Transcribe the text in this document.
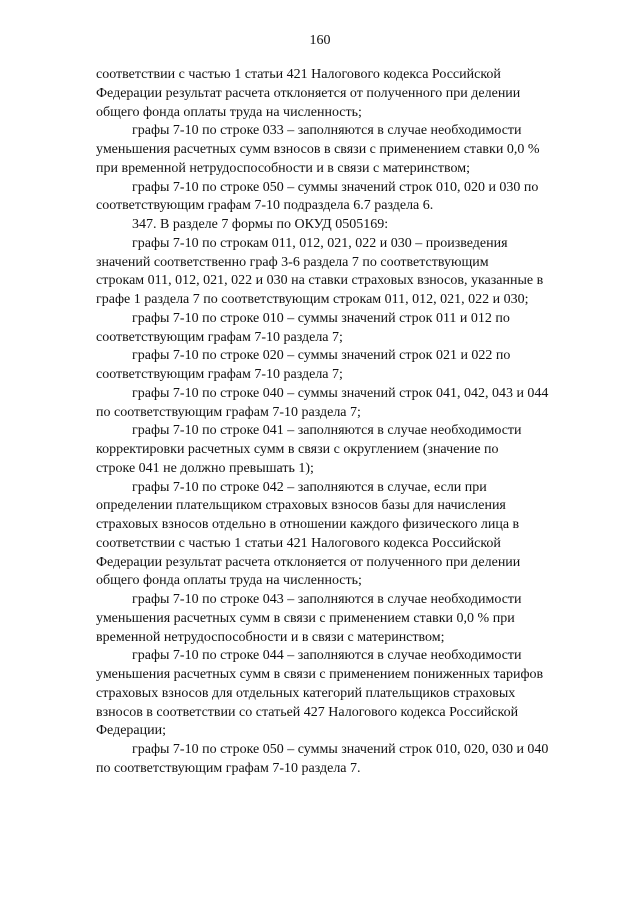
160

соответствии с частью 1 статьи 421 Налогового кодекса Российской
Федерации результат расчета отклоняется от полученного при делении
общего фонда оплаты труда на численность;

графы 7-10 по строке 033 – заполняются в случае необходимости
уменьшения расчетных сумм взносов в связи с применением ставки 0,0 %
при временной нетрудоспособности и в связи с материнством;

графы 7-10 по строке 050 – суммы значений строк 010, 020 и 030 по
соответствующим графам 7-10 подраздела 6.7 раздела 6.

347. В разделе 7 формы по ОКУД 0505169:

графы 7-10 по строкам 011, 012, 021, 022 и 030 – произведения
значений соответственно граф 3-6 раздела 7 по соответствующим
строкам 011, 012, 021, 022 и 030 на ставки страховых взносов, указанные в
графе 1 раздела 7 по соответствующим строкам 011, 012, 021, 022 и 030;

графы 7-10 по строке 010 – суммы значений строк 011 и 012 по
соответствующим графам 7-10 раздела 7;

графы 7-10 по строке 020 – суммы значений строк 021 и 022 по
соответствующим графам 7-10 раздела 7;

графы 7-10 по строке 040 – суммы значений строк 041, 042, 043 и 044
по соответствующим графам 7-10 раздела 7;

графы 7-10 по строке 041 – заполняются в случае необходимости
корректировки расчетных сумм в связи с округлением (значение по
строке 041 не должно превышать 1);

графы 7-10 по строке 042 – заполняются в случае, если при
определении плательщиком страховых взносов базы для начисления
страховых взносов отдельно в отношении каждого физического лица в
соответствии с частью 1 статьи 421 Налогового кодекса Российской
Федерации результат расчета отклоняется от полученного при делении
общего фонда оплаты труда на численность;

графы 7-10 по строке 043 – заполняются в случае необходимости
уменьшения расчетных сумм в связи с применением ставки 0,0 % при
временной нетрудоспособности и в связи с материнством;

графы 7-10 по строке 044 – заполняются в случае необходимости
уменьшения расчетных сумм в связи с применением пониженных тарифов
страховых взносов для отдельных категорий плательщиков страховых
взносов в соответствии со статьей 427 Налогового кодекса Российской
Федерации;

графы 7-10 по строке 050 – суммы значений строк 010, 020, 030 и 040
по соответствующим графам 7-10 раздела 7.
